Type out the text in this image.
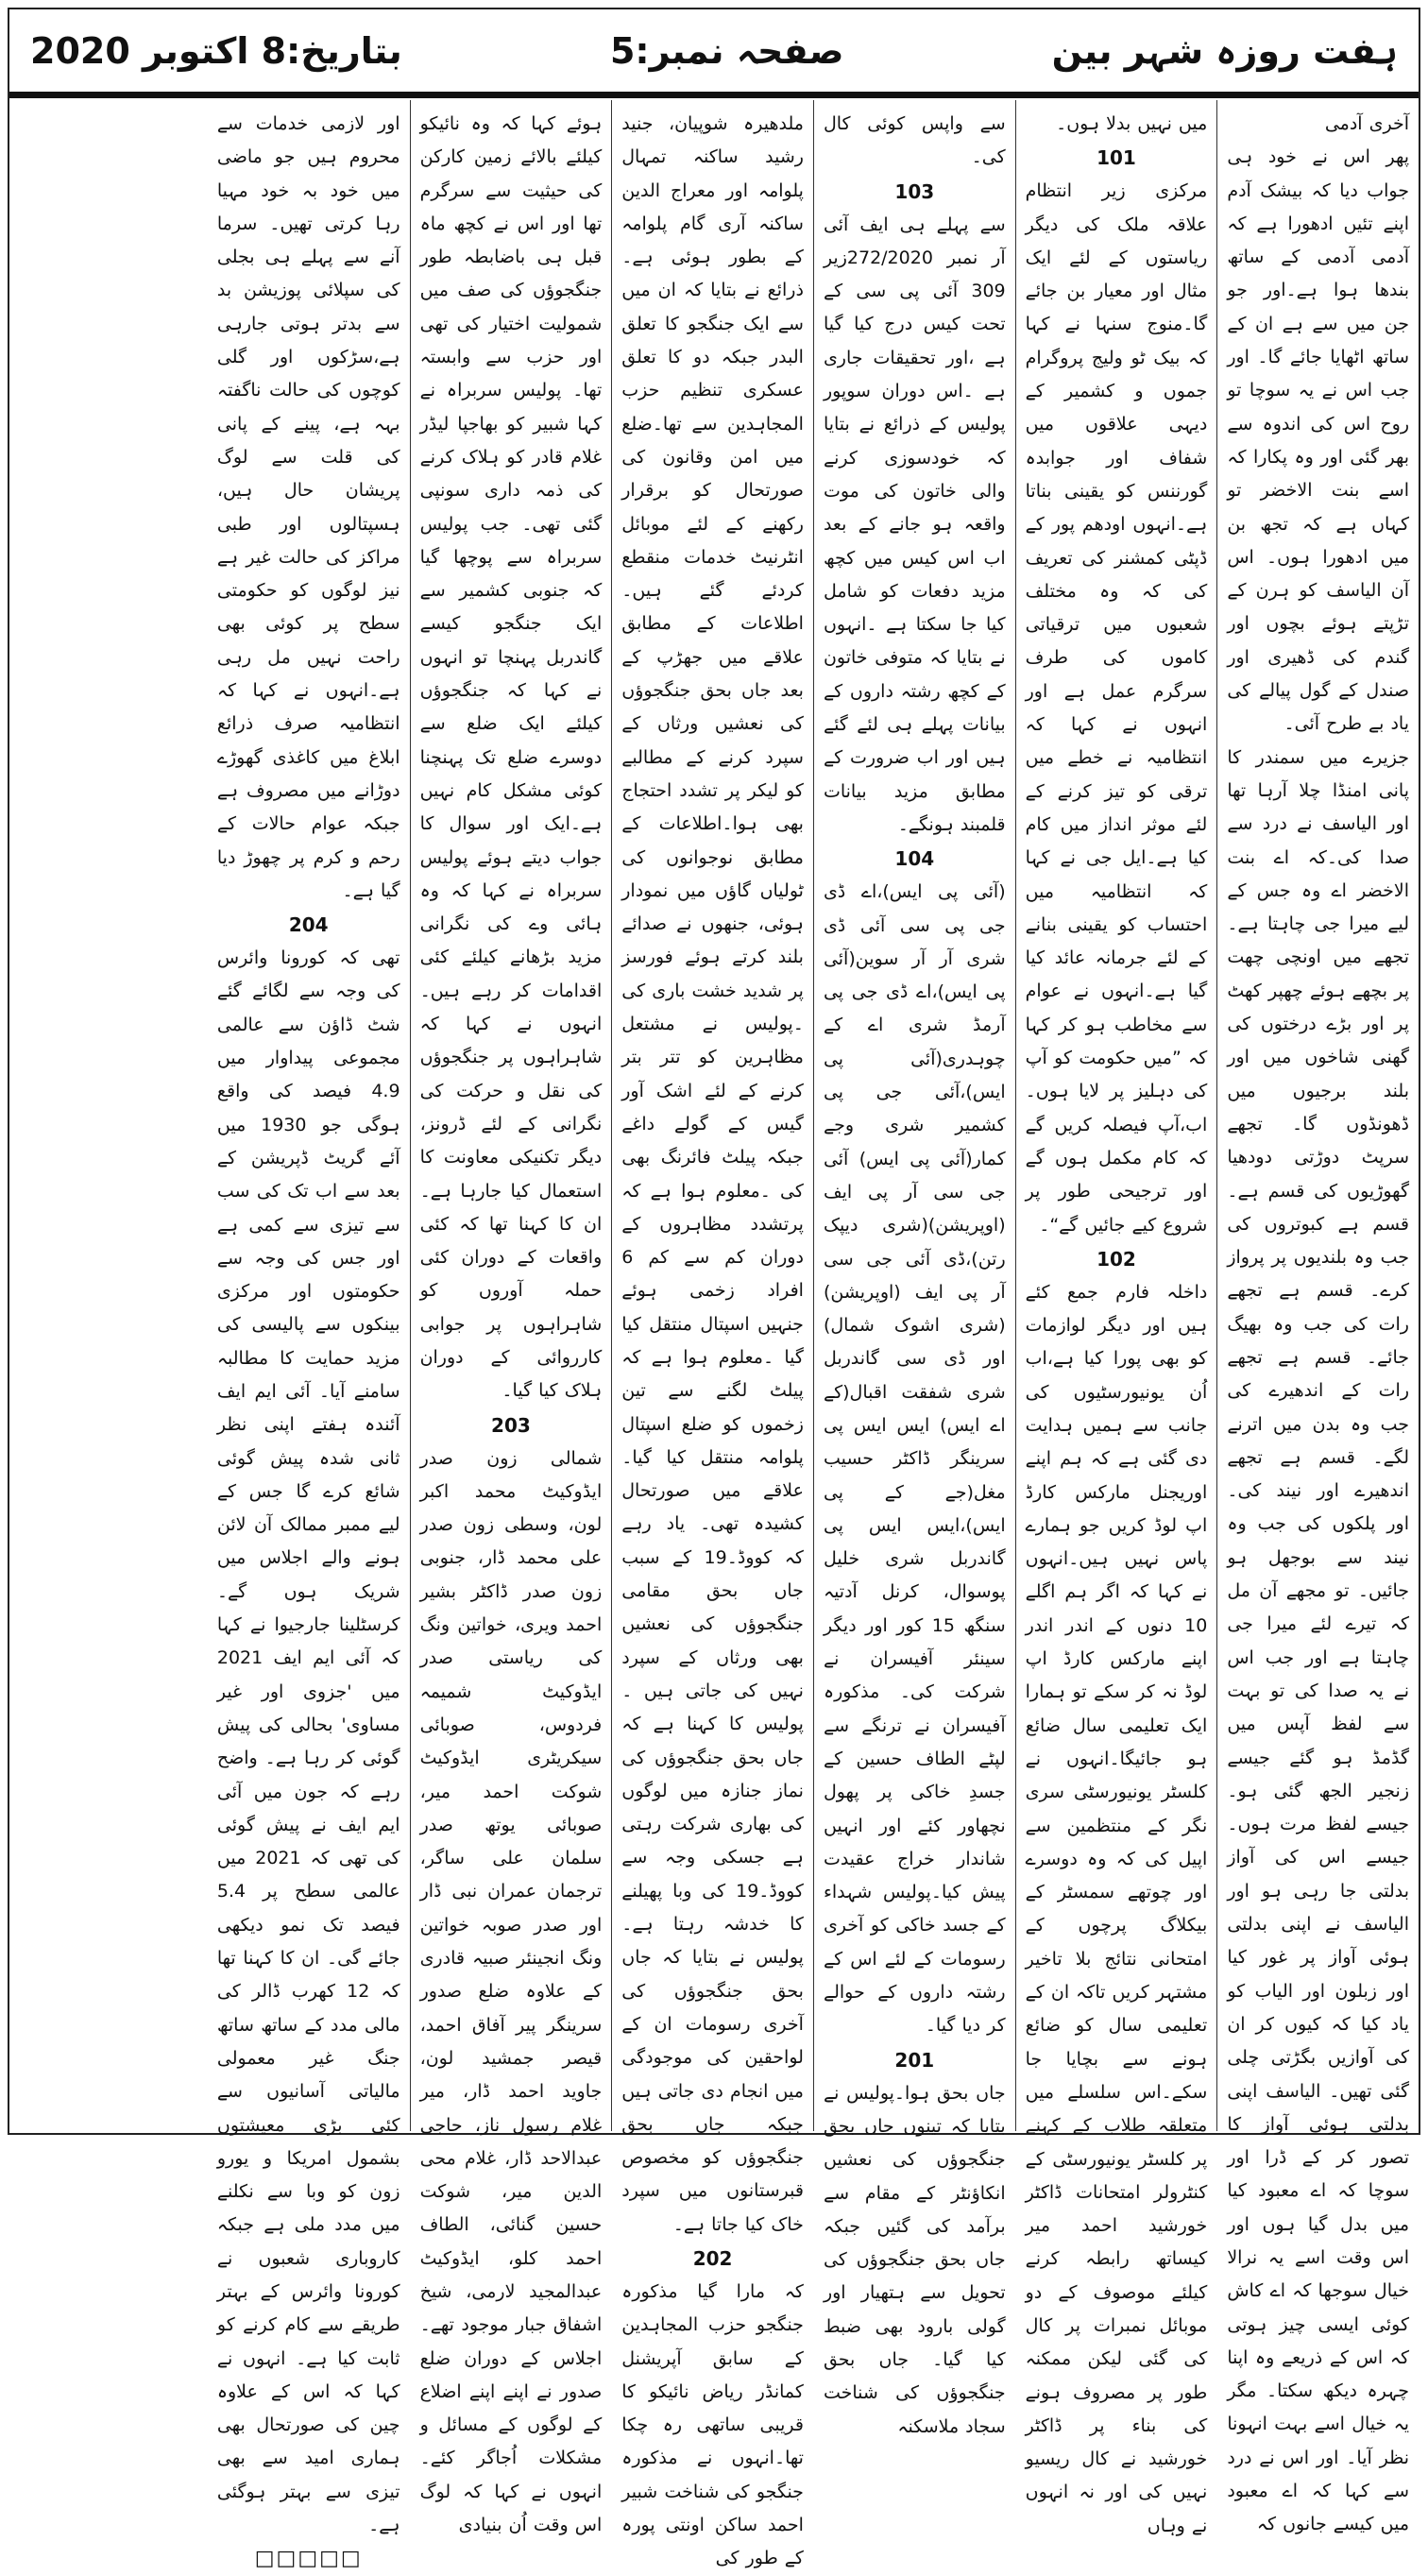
ہفت روزہ شہر بین
صفحہ نمبر:5
بتاریخ:8 اکتوبر 2020

آخری آدمی

پھر اس نے خود ہی جواب دیا کہ بیشک آدم اپنے تئیں ادھورا ہے کہ آدمی آدمی کے ساتھ بندھا ہوا ہے۔اور جو جن میں سے ہے ان کے ساتھ اٹھایا جائے گا۔ اور جب اس نے یہ سوچا تو روح اس کی اندوہ سے بھر گئی اور وہ پکارا کہ اسے بنت الاخضر تو کہاں ہے کہ تجھ بن میں ادھورا ہوں۔ اس آن الیاسف کو ہرن کے تڑپتے ہوئے بچوں اور گندم کی ڈھیری اور صندل کے گول پیالے کی یاد بے طرح آئی۔

جزیرے میں سمندر کا پانی امنڈا چلا آرہا تھا اور الیاسف نے درد سے صدا کی۔کہ اے بنت الاخضر اے وہ جس کے لیے میرا جی چاہتا ہے۔ تجھے میں اونچی چھت پر بچھے ہوئے چھپر کھٹ پر اور بڑے درختوں کی گھنی شاخوں میں اور بلند برجیوں میں ڈھونڈوں گا۔ تجھے سرپٹ دوڑتی دودھیا گھوڑیوں کی قسم ہے۔ قسم ہے کبوتروں کی جب وہ بلندیوں پر پرواز کرے۔ قسم ہے تجھے رات کی جب وہ بھیگ جائے۔ قسم ہے تجھے رات کے اندھیرے کی جب وہ بدن میں اترنے لگے۔ قسم ہے تجھے اندھیرے اور نیند کی۔ اور پلکوں کی جب وہ نیند سے بوجھل ہو جائیں۔ تو مجھے آن مل کہ تیرے لئے میرا جی چاہتا ہے اور جب اس نے یہ صدا کی تو بہت سے لفظ آپس میں گڈمڈ ہو گئے جیسے زنجیر الجھ گئی ہو۔ جیسے لفظ مرت ہوں۔ جیسے اس کی آواز بدلتی جا رہی ہو اور الیاسف نے اپنی بدلتی ہوئی آواز پر غور کیا اور زبلون اور الیاب کو یاد کیا کہ کیوں کر ان کی آوازیں بگڑتی چلی گئی تھیں۔ الیاسف اپنی بدلتی ہوئی آواز کا تصور کر کے ڈرا اور سوچا کہ اے معبود کیا میں بدل گیا ہوں اور اس وقت اسے یہ نرالا خیال سوجھا کہ اے کاش کوئی ایسی چیز ہوتی کہ اس کے ذریعے وہ اپنا چہرہ دیکھ سکتا۔ مگر یہ خیال اسے بہت انہونا نظر آیا۔ اور اس نے درد سے کہا کہ اے معبود میں کیسے جانوں کہ

میں نہیں بدلا ہوں۔

101

مرکزی زیر انتظام علاقہ ملک کی دیگر ریاستوں کے لئے ایک مثال اور معیار بن جائے گا۔منوج سنہا نے کہا کہ بیک ٹو ولیج پروگرام جموں و کشمیر کے دیہی علاقوں میں شفاف اور جوابدہ گورننس کو یقینی بناتا ہے۔انہوں اودھم پور کے ڈپٹی کمشنر کی تعریف کی کہ وہ مختلف شعبوں میں ترقیاتی کاموں کی طرف سرگرم عمل ہے اور انہوں نے کہا کہ انتظامیہ نے خطے میں ترقی کو تیز کرنے کے لئے موثر انداز میں کام کیا ہے۔ایل جی نے کہا کہ انتظامیہ میں احتساب کو یقینی بنانے کے لئے جرمانہ عائد کیا گیا ہے۔انہوں نے عوام سے مخاطب ہو کر کہا کہ ”میں حکومت کو آپ کی دہلیز پر لایا ہوں۔اب،آپ فیصلہ کریں گے کہ کام مکمل ہوں گے اور ترجیحی طور پر شروع کیے جائیں گے“۔

102

داخلہ فارم جمع کئے ہیں اور دیگر لوازمات کو بھی پورا کیا ہے،اب اُن یونیورسٹیوں کی جانب سے ہمیں ہدایت دی گئی ہے کہ ہم اپنے اوریجنل مارکس کارڈ اپ لوڈ کریں جو ہمارے پاس نہیں ہیں۔انہوں نے کہا کہ اگر ہم اگلے 10 دنوں کے اندر اندر اپنے مارکس کارڈ اپ لوڈ نہ کر سکے تو ہمارا ایک تعلیمی سال ضائع ہو جائیگا۔انہوں نے کلسٹر یونیورسٹی سری نگر کے منتظمین سے اپیل کی کہ وہ دوسرے اور چوتھے سمسٹر کے بیکلاگ پرچوں کے امتحانی نتائج بلا تاخیر مشتہر کریں تاکہ ان کے تعلیمی سال کو ضائع ہونے سے بچایا جا سکے۔اس سلسلے میں متعلقہ طلاب کے کہنے پر کلسٹر یونیورسٹی کے کنٹرولر امتحانات ڈاکٹر خورشید احمد میر کیساتھ رابطہ کرنے کیلئے موصوف کے دو موبائل نمبرات پر کال کی گئی لیکن ممکنہ طور پر مصروف ہونے کی بناء پر ڈاکٹر خورشید نے کال ریسیو نہیں کی اور نہ انہوں نے وہاں

سے واپس کوئی کال کی۔

103

سے پہلے ہی ایف آئی آر نمبر 272/2020زیر 309 آئی پی سی کے تحت کیس درج کیا گیا ہے ،اور تحقیقات جاری ہے ۔اس دوران سوپور پولیس کے ذرائع نے بتایا کہ خودسوزی کرنے والی خاتون کی موت واقعہ ہو جانے کے بعد اب اس کیس میں کچھ مزید دفعات کو شامل کیا جا سکتا ہے ۔انہوں نے بتایا کہ متوفی خاتون کے کچھ رشتہ داروں کے بیانات پہلے ہی لئے گئے ہیں اور اب ضرورت کے مطابق مزید بیانات قلمبند ہونگے۔

104

(آئی پی ایس)،اے ڈی جی پی سی آئی ڈی شری آر آر سوین(آئی پی ایس)،اے ڈی جی پی آرمڈ شری اے کے چوہدری(آئی پی ایس)،آئی جی پی کشمیر شری وجے کمار(آئی پی ایس) آئی جی سی آر پی ایف (اوپریشن)(شری دیپک رتن)،ڈی آئی جی سی آر پی ایف (اوپریشن)(شری اشوک شمال) اور ڈی سی گاندربل شری شفقت اقبال(کے اے ایس) ایس ایس پی سرینگر ڈاکٹر حسیب مغل(جے کے پی ایس)،ایس ایس پی گاندربل شری خلیل پوسوال، کرنل آدتیہ سنگھ 15 کور اور دیگر سینئر آفیسران نے شرکت کی۔ مذکورہ آفیسران نے ترنگے سے لپٹے الطاف حسین کے جسدِ خاکی پر پھول نچھاور کئے اور انہیں شاندار خراج عقیدت پیش کیا۔پولیس شہداء کے جسد خاکی کو آخری رسومات کے لئے اس کے رشتہ داروں کے حوالے کر دیا گیا۔

201

جاں بحق ہوا۔پولیس نے بتایا کہ تینوں جاں بحق جنگجوؤں کی نعشیں انکاؤنٹر کے مقام سے برآمد کی گئیں جبکہ جاں بحق جنگجوؤں کی تحویل سے ہتھیار اور گولی بارود بھی ضبط کیا گیا۔ جاں بحق جنگجوؤں کی شناخت سجاد ملاسکنہ

ملدھیرہ شوپیان، جنید رشید ساکنہ تمہال پلوامہ اور معراج الدین ساکنہ آری گام پلوامہ کے بطور ہوئی ہے۔ ذرائع نے بتایا کہ ان میں سے ایک جنگجو کا تعلق البدر جبکہ دو کا تعلق عسکری تنظیم حزب المجاہدین سے تھا۔ضلع میں امن وقانون کی صورتحال کو برقرار رکھنے کے لئے موبائل انٹرنیٹ خدمات منقطع کردئے گئے ہیں۔اطلاعات کے مطابق علاقے میں جھڑپ کے بعد جاں بحق جنگجوؤں کی نعشیں ورثاں کے سپرد کرنے کے مطالبے کو لیکر پر تشدد احتجاج بھی ہوا۔اطلاعات کے مطابق نوجوانوں کی ٹولیاں گاؤں میں نمودار ہوئی، جنھوں نے صدائے بلند کرتے ہوئے فورسز پر شدید خشت باری کی ۔پولیس نے مشتعل مظاہرین کو تتر بتر کرنے کے لئے اشک آور گیس کے گولے داغے جبکہ پیلٹ فائرنگ بھی کی ۔معلوم ہوا ہے کہ پرتشدد مظاہروں کے دوران کم سے کم 6 افراد زخمی ہوئے جنہیں اسپتال منتقل کیا گیا ۔معلوم ہوا ہے کہ پیلٹ لگنے سے تین زخموں کو ضلع اسپتال پلوامہ منتقل کیا گیا۔علاقے میں صورتحال کشیدہ تھی۔ یاد رہے کہ کووڈ۔19 کے سبب جاں بحق مقامی جنگجوؤں کی نعشیں بھی ورثاں کے سپرد نہیں کی جاتی ہیں ۔پولیس کا کہنا ہے کہ جاں بحق جنگجوؤں کی نماز جنازہ میں لوگوں کی بھاری شرکت رہتی ہے جسکی وجہ سے کووڈ۔19 کی وبا پھیلنے کا خدشہ رہتا ہے۔ پولیس نے بتایا کہ جاں بحق جنگجوؤں کی آخری رسومات ان کے لواحقین کی موجودگی میں انجام دی جاتی ہیں جبکہ جاں بحق جنگجوؤں کو مخصوص قبرستانوں میں سپرد خاک کیا جاتا ہے۔

202

کہ مارا گیا مذکورہ جنگجو حزب المجاہدین کے سابق آپریشنل کمانڈر ریاض نائیکو کا قریبی ساتھی رہ چکا تھا۔انہوں نے مذکورہ جنگجو کی شناخت شبیر احمد ساکن اونتی پورہ کے طور کی

ہوئے کہا کہ وہ نائیکو کیلئے بالائے زمین کارکن کی حیثیت سے سرگرم تھا اور اس نے کچھ ماہ قبل ہی باضابطہ طور جنگجوؤں کی صف میں شمولیت اختیار کی تھی اور حزب سے وابستہ تھا۔ پولیس سربراہ نے کہا شبیر کو بھاجپا لیڈر غلام قادر کو ہلاک کرنے کی ذمہ داری سونپی گئی تھی۔ جب پولیس سربراہ سے پوچھا گیا کہ جنوبی کشمیر سے ایک جنگجو کیسے گاندربل پہنچا تو انہوں نے کہا کہ جنگجوؤں کیلئے ایک ضلع سے دوسرے ضلع تک پہنچنا کوئی مشکل کام نہیں ہے۔ایک اور سوال کا جواب دیتے ہوئے پولیس سربراہ نے کہا کہ وہ ہائی وے کی نگرانی مزید بڑھانے کیلئے کئی اقدامات کر رہے ہیں۔انہوں نے کہا کہ شاہراہوں پر جنگجوؤں کی نقل و حرکت کی نگرانی کے لئے ڈرونز، دیگر تکنیکی معاونت کا استعمال کیا جارہا ہے۔ ان کا کہنا تھا کہ کئی واقعات کے دوران کئی حملہ آوروں کو شاہراہوں پر جوابی کارروائی کے دوران ہلاک کیا گیا۔

203

شمالی زون صدر ایڈوکیٹ محمد اکبر لون، وسطی زون صدر علی محمد ڈار، جنوبی زون صدر ڈاکٹر بشیر احمد ویری، خواتین ونگ کی ریاستی صدر ایڈوکیٹ شمیمہ فردوس، صوبائی سیکریٹری ایڈوکیٹ شوکت احمد میر، صوبائی یوتھ صدر سلمان علی ساگر، ترجمان عمران نبی ڈار اور صدر صوبہ خواتین ونگ انجینئر صبیہ قادری کے علاوہ ضلع صدور سرینگر پیر آفاق احمد، قیصر جمشید لون، جاوید احمد ڈار، میر غلام رسول ناز، حاجی عبدالاحد ڈار، غلام محی الدین میر، شوکت حسین گنائی، الطاف احمد کلو، ایڈوکیٹ عبدالمجید لارمی، شیخ اشفاق جبار موجود تھے۔ اجلاس کے دوران ضلع صدور نے اپنے اپنے اضلاع کے لوگوں کے مسائل و مشکلات اُجاگر کئے۔ انہوں نے کہا کہ لوگ اس وقت اُن بنیادی

اور لازمی خدمات سے محروم ہیں جو ماضی میں خود بہ خود مہیا رہا کرتی تھیں۔ سرما آنے سے پہلے ہی بجلی کی سپلائی پوزیشن بد سے بدتر ہوتی جارہی ہے،سڑکوں اور گلی کوچوں کی حالت ناگفتہ بہہ ہے، پینے کے پانی کی قلت سے لوگ پریشان حال ہیں، ہسپتالوں اور طبی مراکز کی حالت غیر ہے نیز لوگوں کو حکومتی سطح پر کوئی بھی راحت نہیں مل رہی ہے۔انہوں نے کہا کہ انتظامیہ صرف ذرائع ابلاغ میں کاغذی گھوڑے دوڑانے میں مصروف ہے جبکہ عوام حالات کے رحم و کرم پر چھوڑ دیا گیا ہے۔

204

تھی کہ کورونا وائرس کی وجہ سے لگائے گئے شٹ ڈاؤن سے عالمی مجموعی پیداوار میں 4.9 فیصد کی واقع ہوگی جو 1930 میں آئے گریٹ ڈپریشن کے بعد سے اب تک کی سب سے تیزی سے کمی ہے اور جس کی وجہ سے حکومتوں اور مرکزی بینکوں سے پالیسی کی مزید حمایت کا مطالبہ سامنے آیا۔ آئی ایم ایف آئندہ ہفتے اپنی نظر ثانی شدہ پیش گوئی شائع کرے گا جس کے لیے ممبر ممالک آن لائن ہونے والے اجلاس میں شریک ہوں گے۔کرسٹلینا جارجیوا نے کہا کہ آئی ایم ایف 2021 میں 'جزوی اور غیر مساوی' بحالی کی پیش گوئی کر رہا ہے۔ واضح رہے کہ جون میں آئی ایم ایف نے پیش گوئی کی تھی کہ 2021 میں عالمی سطح پر 5.4 فیصد تک نمو دیکھی جائے گی۔ ان کا کہنا تھا کہ 12 کھرب ڈالر کی مالی مدد کے ساتھ ساتھ جنگ غیر معمولی مالیاتی آسانیوں سے کئی بڑی معیشتوں بشمول امریکا و یورو زون کو وبا سے نکلنے میں مدد ملی ہے جبکہ کاروباری شعبوں نے کورونا وائرس کے بہتر طریقے سے کام کرنے کو ثابت کیا ہے۔ انہوں نے کہا کہ اس کے علاوہ چین کی صورتحال بھی ہماری امید سے بھی تیزی سے بہتر ہوگئی ہے۔

□□□□□
